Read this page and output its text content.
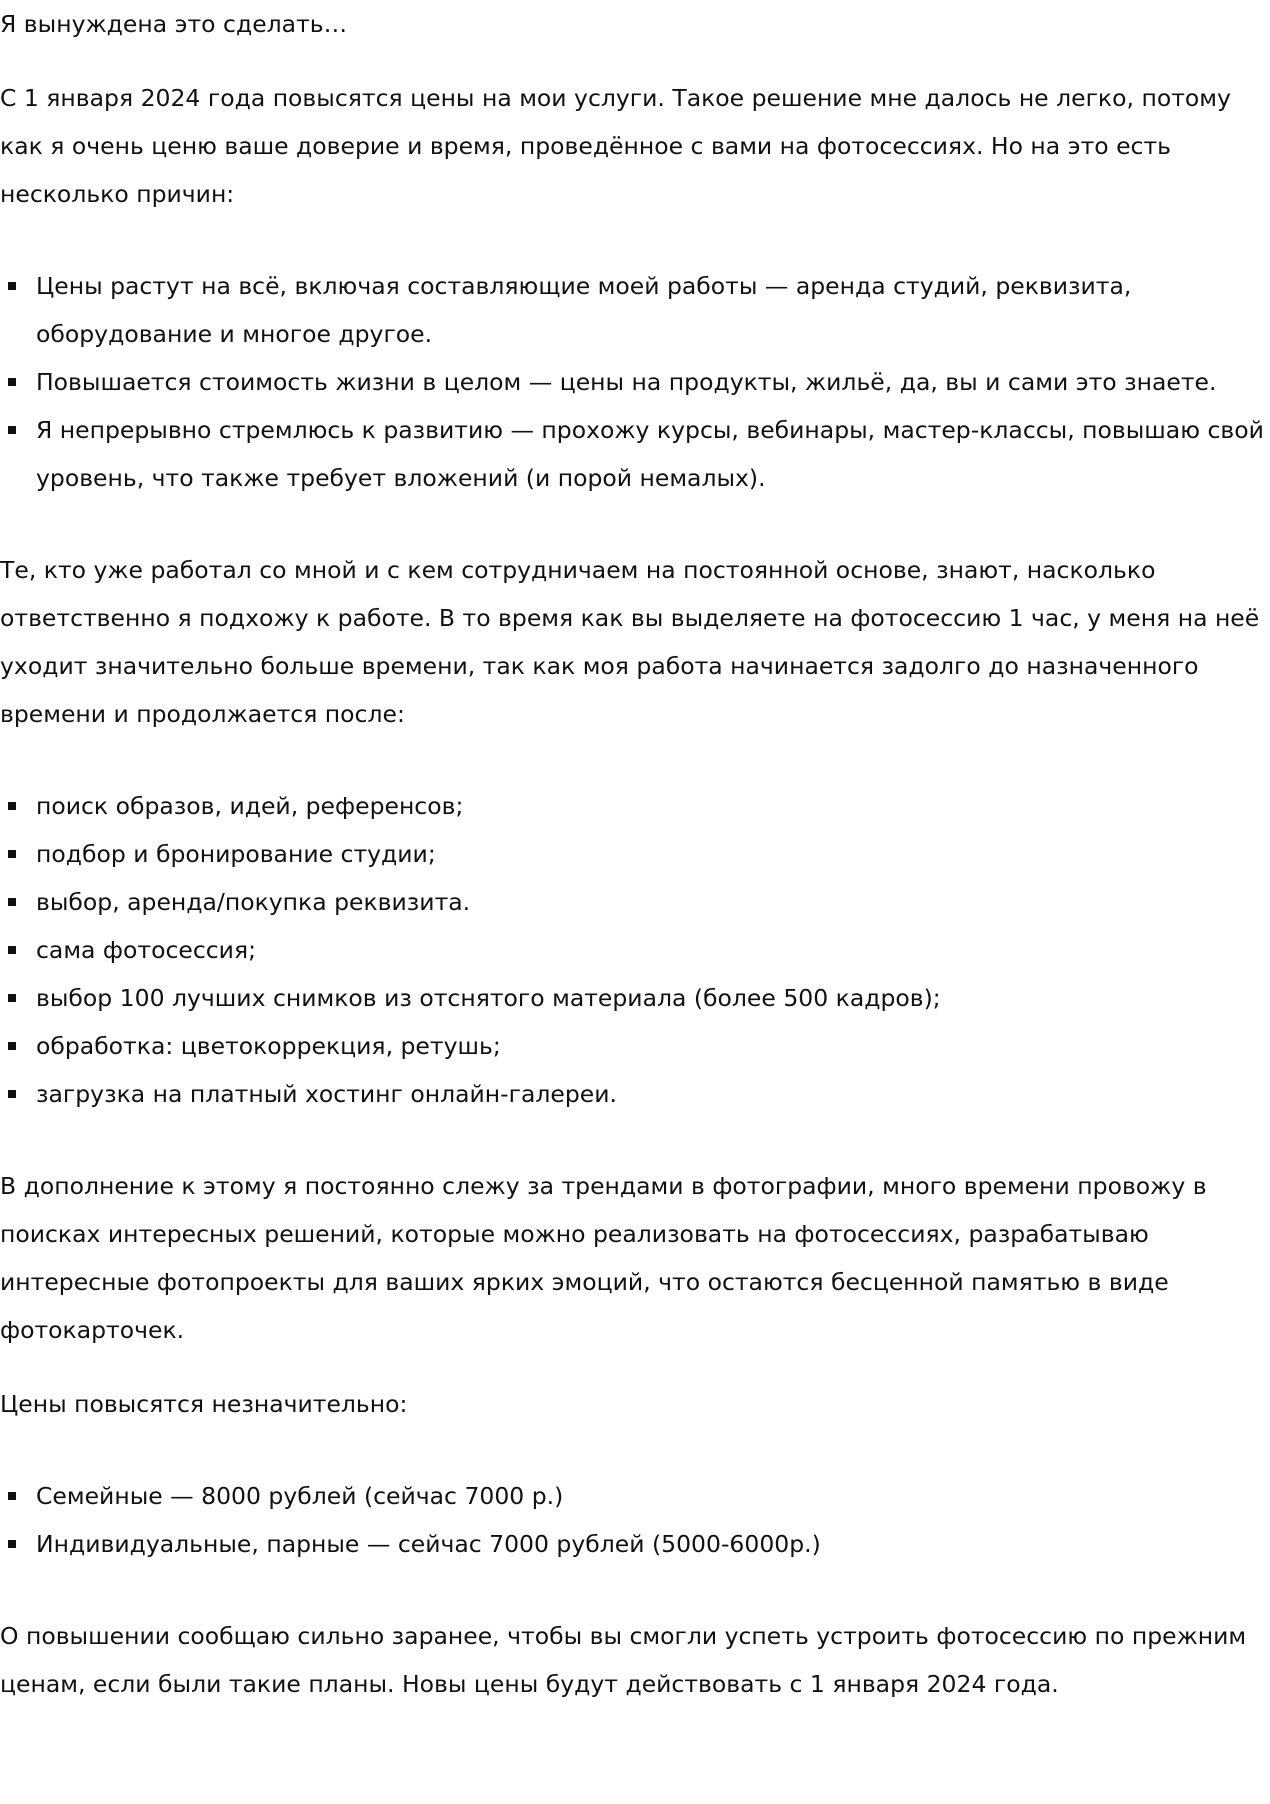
Я вынуждена это сделать…

С 1 января 2024 года повысятся цены на мои услуги. Такое решение мне далось не легко, потому как я очень ценю ваше доверие и время, проведённое с вами на фотосессиях. Но на это есть несколько причин:

Цены растут на всё, включая составляющие моей работы — аренда студий, реквизита, оборудование и многое другое.
Повышается стоимость жизни в целом — цены на продукты, жильё, да, вы и сами это знаете.
Я непрерывно стремлюсь к развитию — прохожу курсы, вебинары, мастер-классы, повышаю свой уровень, что также требует вложений (и порой немалых).

Те, кто уже работал со мной и с кем сотрудничаем на постоянной основе, знают, насколько ответственно я подхожу к работе. В то время как вы выделяете на фотосессию 1 час, у меня на неё уходит значительно больше времени, так как моя работа начинается задолго до назначенного времени и продолжается после:

поиск образов, идей, референсов;
подбор и бронирование студии;
выбор, аренда/покупка реквизита.
сама фотосессия;
выбор 100 лучших снимков из отснятого материала (более 500 кадров);
обработка: цветокоррекция, ретушь;
загрузка на платный хостинг онлайн-галереи.

В дополнение к этому я постоянно слежу за трендами в фотографии, много времени провожу в поисках интересных решений, которые можно реализовать на фотосессиях, разрабатываю интересные фотопроекты для ваших ярких эмоций, что остаются бесценной памятью в виде фотокарточек.

Цены повысятся незначительно:

Семейные — 8000 рублей (сейчас 7000 р.)
Индивидуальные, парные — сейчас 7000 рублей (5000-6000р.)

О повышении сообщаю сильно заранее, чтобы вы смогли успеть устроить фотосессию по прежним ценам, если были такие планы. Новы цены будут действовать с 1 января 2024 года.
